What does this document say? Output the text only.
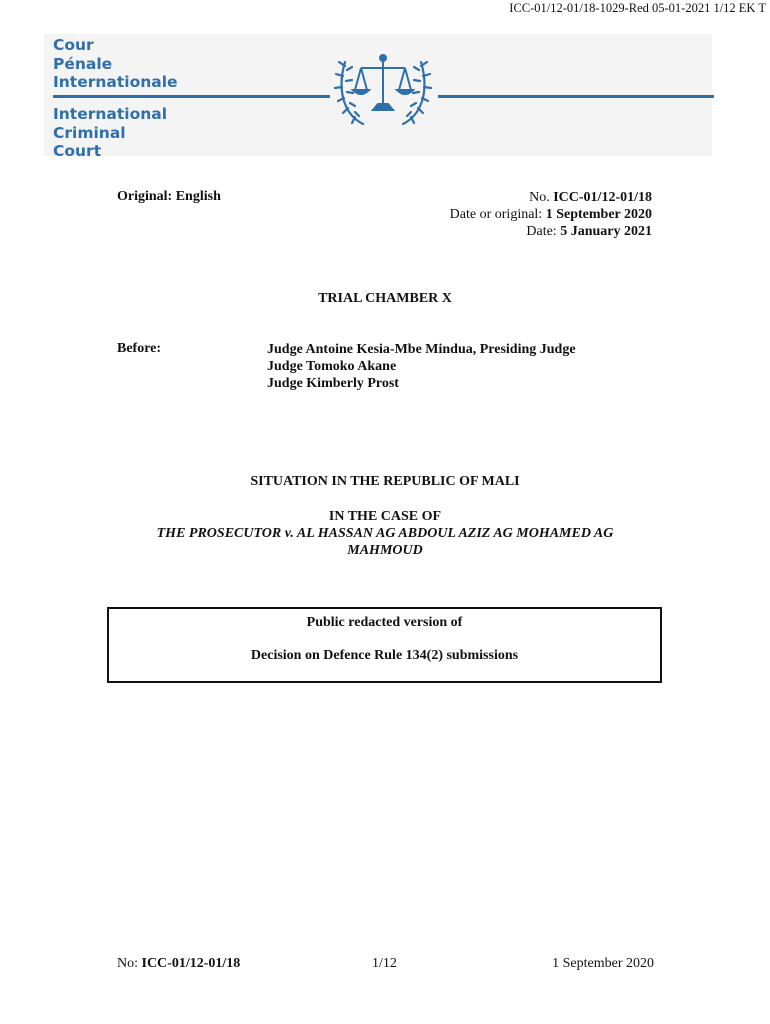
ICC-01/12-01/18-1029-Red 05-01-2021 1/12 EK T
Cour
Pénale
Internationale
International
Criminal
Court
Original: English	No. ICC-01/12-01/18
Date or original: 1 September 2020
Date: 5 January 2021
TRIAL CHAMBER X
Before:	Judge Antoine Kesia-Mbe Mindua, Presiding Judge
Judge Tomoko Akane
Judge Kimberly Prost
SITUATION IN THE REPUBLIC OF MALI
IN THE CASE OF
THE PROSECUTOR v. AL HASSAN AG ABDOUL AZIZ AG MOHAMED AG
MAHMOUD
Public redacted version of
Decision on Defence Rule 134(2) submissions
No: ICC-01/12-01/18	1/12	1 September 2020
